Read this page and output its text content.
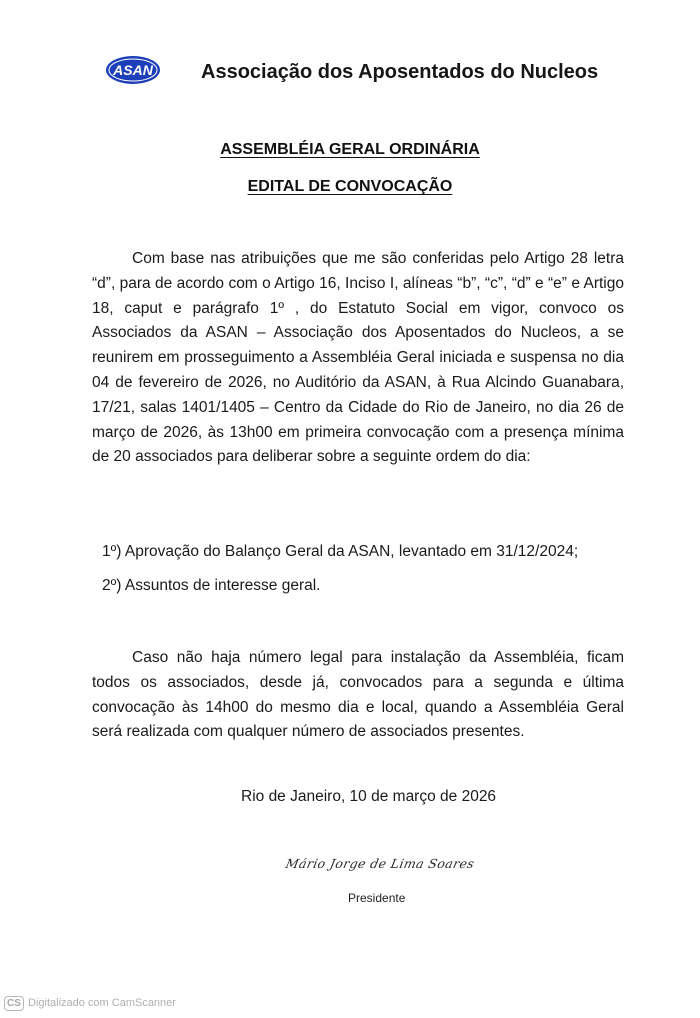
ASAN Associação dos Aposentados do Nucleos
ASSEMBLÉIA GERAL ORDINÁRIA
EDITAL DE CONVOCAÇÃO

Com base nas atribuições que me são conferidas pelo Artigo 28 letra “d”, para de acordo com o Artigo 16, Inciso I, alíneas “b”, “c”, “d” e “e” e Artigo 18, caput e parágrafo 1º , do Estatuto Social em vigor, convoco os Associados da ASAN – Associação dos Aposentados do Nucleos, a se reunirem em prosseguimento a Assembléia Geral iniciada e suspensa no dia 04 de fevereiro de 2026, no Auditório da ASAN, à Rua Alcindo Guanabara, 17/21, salas 1401/1405 – Centro da Cidade do Rio de Janeiro, no dia 26 de março de 2026, às 13h00 em primeira convocação com a presença mínima de 20 associados para deliberar sobre a seguinte ordem do dia:

1º) Aprovação do Balanço Geral da ASAN, levantado em 31/12/2024;
2º) Assuntos de interesse geral.

Caso não haja número legal para instalação da Assembléia, ficam todos os associados, desde já, convocados para a segunda e última convocação às 14h00 do mesmo dia e local, quando a Assembléia Geral será realizada com qualquer número de associados presentes.

Rio de Janeiro, 10 de março de 2026
Mário Jorge de Lima Soares
Presidente
CS Digitalizado com CamScanner
